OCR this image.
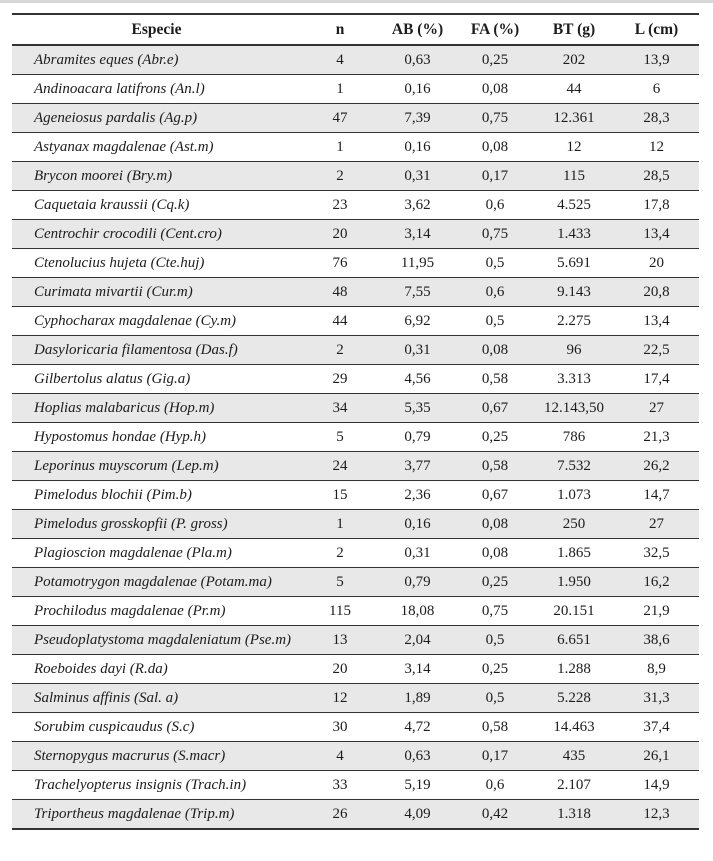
Especie	n	AB (%)	FA (%)	BT (g)	L (cm)
Abramites eques (Abr.e)	4	0,63	0,25	202	13,9
Andinoacara latifrons (An.l)	1	0,16	0,08	44	6
Ageneiosus pardalis (Ag.p)	47	7,39	0,75	12.361	28,3
Astyanax magdalenae (Ast.m)	1	0,16	0,08	12	12
Brycon moorei (Bry.m)	2	0,31	0,17	115	28,5
Caquetaia kraussii (Cq.k)	23	3,62	0,6	4.525	17,8
Centrochir crocodili (Cent.cro)	20	3,14	0,75	1.433	13,4
Ctenolucius hujeta (Cte.huj)	76	11,95	0,5	5.691	20
Curimata mivartii (Cur.m)	48	7,55	0,6	9.143	20,8
Cyphocharax magdalenae (Cy.m)	44	6,92	0,5	2.275	13,4
Dasyloricaria filamentosa (Das.f)	2	0,31	0,08	96	22,5
Gilbertolus alatus (Gig.a)	29	4,56	0,58	3.313	17,4
Hoplias malabaricus (Hop.m)	34	5,35	0,67	12.143,50	27
Hypostomus hondae (Hyp.h)	5	0,79	0,25	786	21,3
Leporinus muyscorum (Lep.m)	24	3,77	0,58	7.532	26,2
Pimelodus blochii (Pim.b)	15	2,36	0,67	1.073	14,7
Pimelodus grosskopfii (P. gross)	1	0,16	0,08	250	27
Plagioscion magdalenae (Pla.m)	2	0,31	0,08	1.865	32,5
Potamotrygon magdalenae (Potam.ma)	5	0,79	0,25	1.950	16,2
Prochilodus magdalenae (Pr.m)	115	18,08	0,75	20.151	21,9
Pseudoplatystoma magdaleniatum (Pse.m)	13	2,04	0,5	6.651	38,6
Roeboides dayi (R.da)	20	3,14	0,25	1.288	8,9
Salminus affinis (Sal. a)	12	1,89	0,5	5.228	31,3
Sorubim cuspicaudus (S.c)	30	4,72	0,58	14.463	37,4
Sternopygus macrurus (S.macr)	4	0,63	0,17	435	26,1
Trachelyopterus insignis (Trach.in)	33	5,19	0,6	2.107	14,9
Triportheus magdalenae (Trip.m)	26	4,09	0,42	1.318	12,3
